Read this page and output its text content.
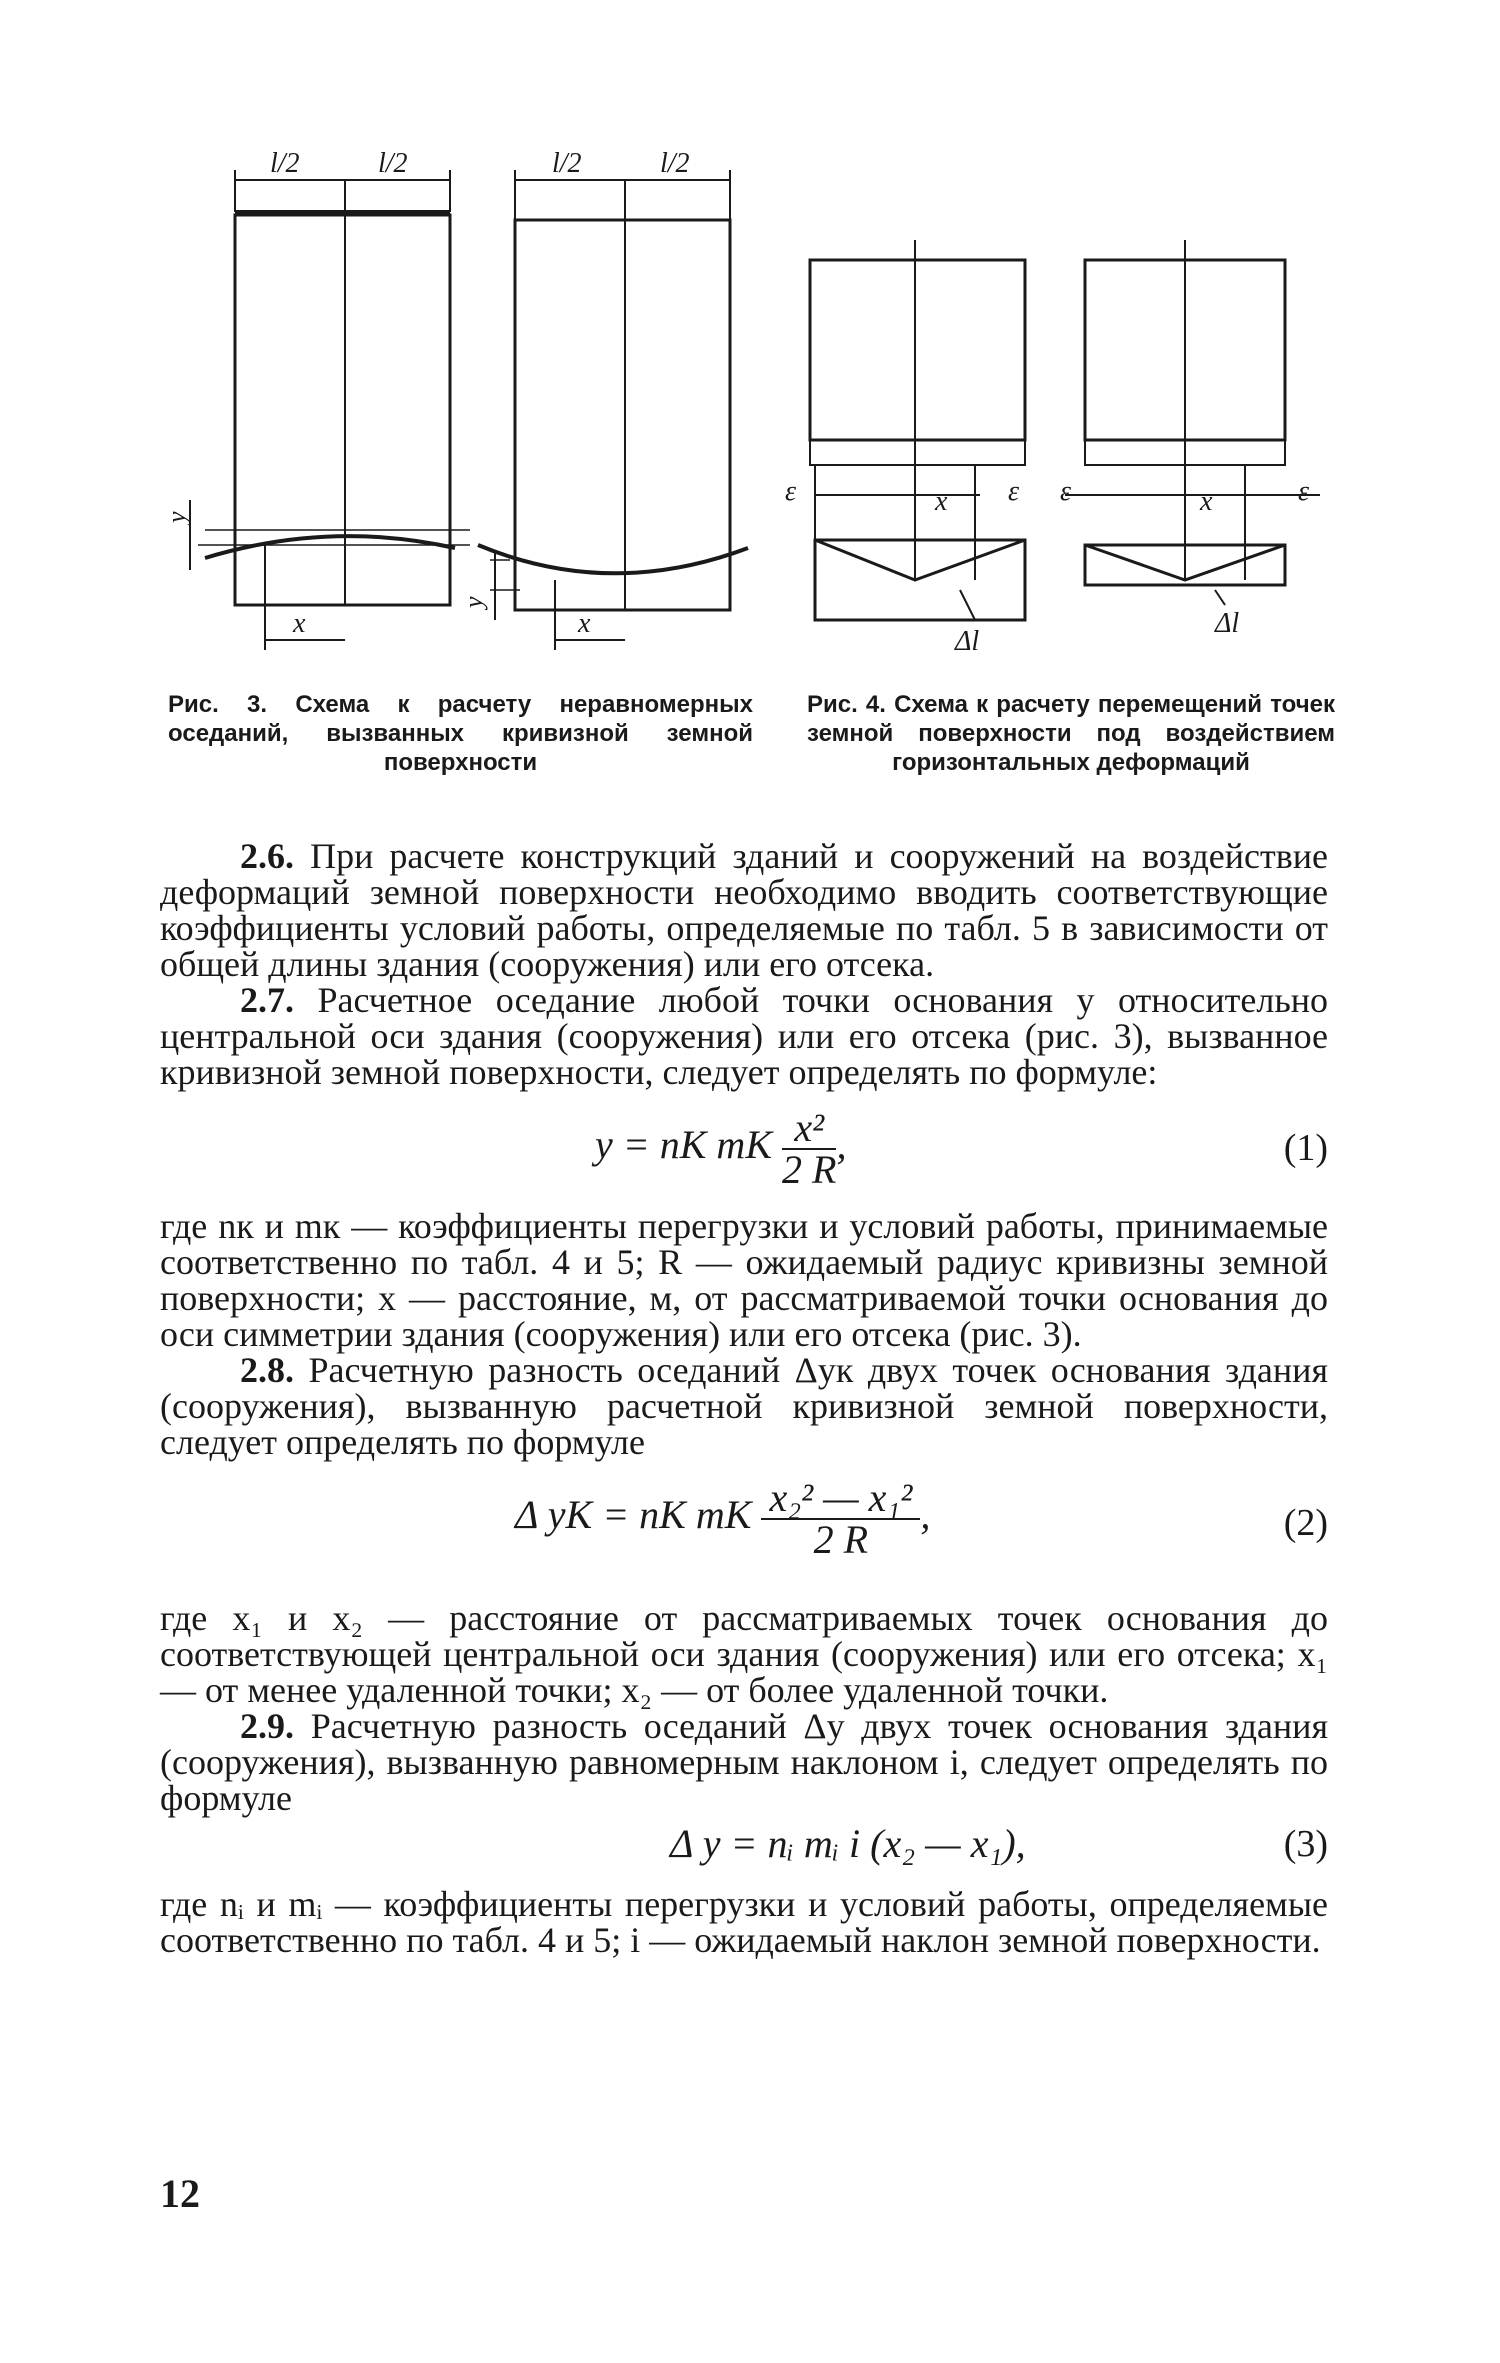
l/2	l/2
y
x
l/2	l/2
y
x
ε	x ε
Δl
ε	x	ε
Δl
Рис. 3. Схема к расчету неравномерных оседаний, вызванных кривизной земной поверхности
Рис. 4. Схема к расчету перемещений точек земной поверхности под воздействием горизонтальных деформаций

2.6. При расчете конструкций зданий и сооружений на воздействие деформаций земной поверхности необходимо вводить соответствующие коэффициенты условий работы, определяемые по табл. 5 в зависимости от общей длины здания (сооружения) или его отсека.

2.7. Расчетное оседание любой точки основания y относительно центральной оси здания (сооружения) или его отсека (рис. 3), вызванное кривизной земной поверхности, следует определять по формуле:

y = nK mK $\frac{\text{x²}}{2 R}$ ,	(1)

где nк и mк — коэффициенты перегрузки и условий работы, принимаемые соответственно по табл. 4 и 5; R — ожидаемый радиус кривизны земной поверхности; x — расстояние, м, от рассматриваемой точки основания до оси симметрии здания (сооружения) или его отсека (рис. 3).

2.8. Расчетную разность оседаний Δyк двух точек основания здания (сооружения), вызванную расчетной кривизной земной поверхности, следует определять по формуле

Δ yK = nK mK $\frac{\text{x₂² — x₁²}}{2 R}$ ,	(2)

где x₁ и x₂ — расстояние от рассматриваемых точек основания до соответствующей центральной оси здания (сооружения) или его отсека; x₁ — от менее удаленной точки; x₂ — от более удаленной точки.

2.9. Расчетную разность оседаний Δy двух точек основания здания (сооружения), вызванную равномерным наклоном i, следует определять по формуле

Δ y = nᵢ mᵢ i (x₂ — x₁),	(3)

где nᵢ и mᵢ — коэффициенты перегрузки и условий работы, определяемые соответственно по табл. 4 и 5; i — ожидаемый наклон земной поверхности.

12
